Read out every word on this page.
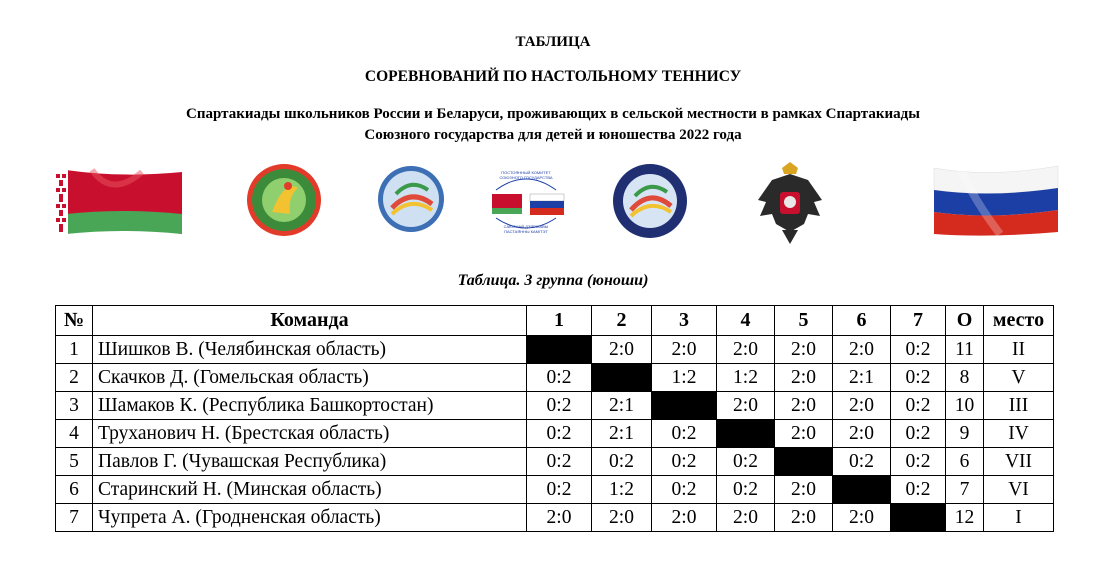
ТАБЛИЦА
СОРЕВНОВАНИЙ ПО НАСТОЛЬНОМУ ТЕННИСУ
Спартакиады школьников России и Беларуси, проживающих в сельской местности в рамках Спартакиады
Союзного государства для детей и юношества 2022 года
ПОСТОЯННЫЙ КОМИТЕТ СОЮЗНОГО ГОСУДАРСТВА
САЮЗНАЙ ДЗЯРЖАВЫ ПАСТАЯННЫ КАМІТЭТ
Таблица. 3 группа (юноши)
№	Команда	1	2	3	4	5	6	7	О	место
1	Шишков В. (Челябинская область)		2:0	2:0	2:0	2:0	2:0	0:2	11	II
2	Скачков Д. (Гомельская область)	0:2		1:2	1:2	2:0	2:1	0:2	8	V
3	Шамаков К. (Республика Башкортостан)	0:2	2:1		2:0	2:0	2:0	0:2	10	III
4	Труханович Н. (Брестская область)	0:2	2:1	0:2		2:0	2:0	0:2	9	IV
5	Павлов Г. (Чувашская Республика)	0:2	0:2	0:2	0:2		0:2	0:2	6	VII
6	Старинский Н. (Минская область)	0:2	1:2	0:2	0:2	2:0		0:2	7	VI
7	Чупрета А. (Гродненская область)	2:0	2:0	2:0	2:0	2:0	2:0		12	I
